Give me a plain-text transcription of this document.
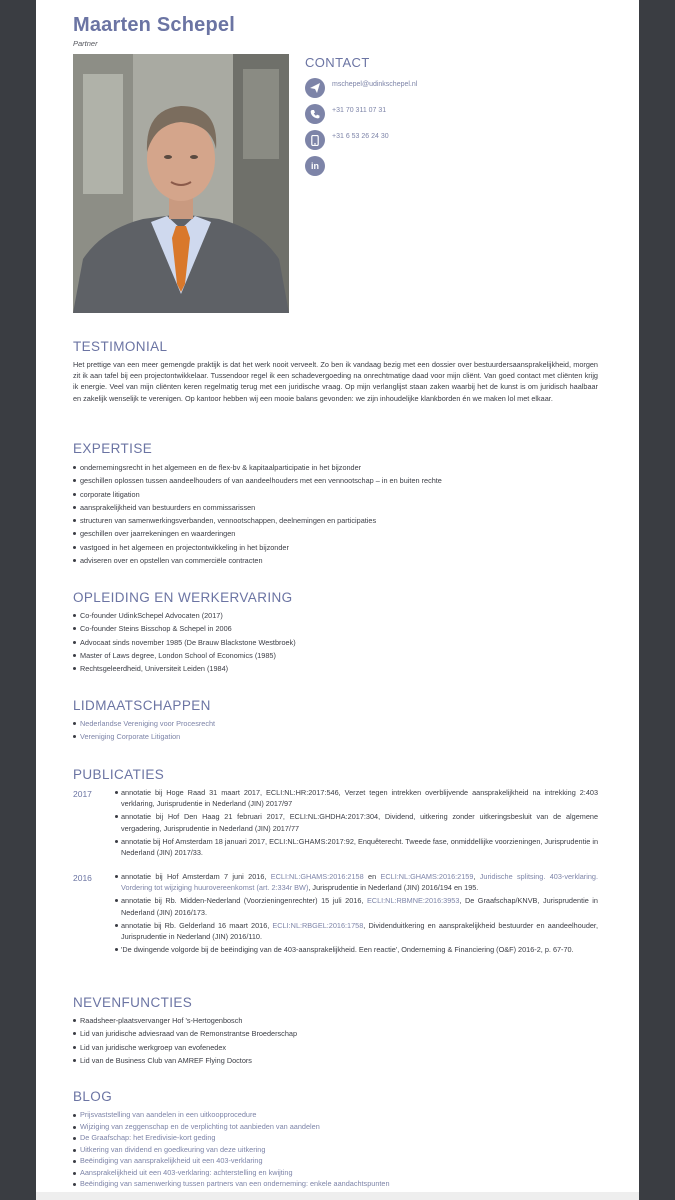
Maarten Schepel
Partner
CONTACT
mschepel@udinkschepel.nl
+31 70 311 07 31
+31 6 53 26 24 30
in
TESTIMONIAL

Het prettige van een meer gemengde praktijk is dat het werk nooit verveelt. Zo ben ik vandaag bezig met een dossier over bestuurdersaansprakelijkheid, morgen zit ik aan tafel bij een projectontwikkelaar. Tussendoor regel ik een schadevergoeding na onrechtmatige daad voor mijn cliënt. Van goed contact met cliënten krijg ik energie. Veel van mijn cliënten keren regelmatig terug met een juridische vraag. Op mijn verlanglijst staan zaken waarbij het de kunst is om juridisch haalbaar en zakelijk wenselijk te verenigen. Op kantoor hebben wij een mooie balans gevonden: we zijn inhoudelijke klankborden én we maken lol met elkaar.

EXPERTISE
ondernemingsrecht in het algemeen en de flex-bv & kapitaalparticipatie in het bijzonder
geschillen oplossen tussen aandeelhouders of van aandeelhouders met een vennootschap – in en buiten rechte
corporate litigation
aansprakelijkheid van bestuurders en commissarissen
structuren van samenwerkingsverbanden, vennootschappen, deelnemingen en participaties
geschillen over jaarrekeningen en waarderingen
vastgoed in het algemeen en projectontwikkeling in het bijzonder
adviseren over en opstellen van commerciële contracten
OPLEIDING EN WERKERVARING
Co-founder UdinkSchepel Advocaten (2017)
Co-founder Steins Bisschop & Schepel in 2006
Advocaat sinds november 1985 (De Brauw Blackstone Westbroek)
Master of Laws degree, London School of Economics (1985)
Rechtsgeleerdheid, Universiteit Leiden (1984)
LIDMAATSCHAPPEN
Nederlandse Vereniging voor Procesrecht
Vereniging Corporate Litigation
PUBLICATIES
2017	annotatie bij Hoge Raad 31 maart 2017, ECLI:NL:HR:2017:546, Verzet tegen intrekken overblijvende aansprakelijkheid na intrekking 2:403 verklaring, Jurisprudentie in Nederland (JIN) 2017/97
annotatie bij Hof Den Haag 21 februari 2017, ECLI:NL:GHDHA:2017:304, Dividend, uitkering zonder uitkeringsbesluit van de algemene vergadering, Jurisprudentie in Nederland (JIN) 2017/77
annotatie bij Hof Amsterdam 18 januari 2017, ECLI:NL:GHAMS:2017:92, Enquêterecht. Tweede fase, onmiddellijke voorzieningen, Jurisprudentie in Nederland (JIN) 2017/33.
2016	annotatie bij Hof Amsterdam 7 juni 2016, ECLI:NL:GHAMS:2016:2158 en ECLI:NL:GHAMS:2016:2159, Juridische splitsing. 403-verklaring. Vordering tot wijziging huurovereenkomst (art. 2:334r BW), Jurisprudentie in Nederland (JIN) 2016/194 en 195.
annotatie bij Rb. Midden-Nederland (Voorzieningenrechter) 15 juli 2016, ECLI:NL:RBMNE:2016:3953, De Graafschap/KNVB, Jurisprudentie in Nederland (JIN) 2016/173.
annotatie bij Rb. Gelderland 16 maart 2016, ECLI:NL:RBGEL:2016:1758, Dividenduitkering en aansprakelijkheid bestuurder en aandeelhouder, Jurisprudentie in Nederland (JIN) 2016/110.
'De dwingende volgorde bij de beëindiging van de 403-aansprakelijkheid. Een reactie', Onderneming & Financiering (O&F) 2016-2, p. 67-70.
NEVENFUNCTIES
Raadsheer-plaatsvervanger Hof 's-Hertogenbosch
Lid van juridische adviesraad van de Remonstrantse Broederschap
Lid van juridische werkgroep van evofenedex
Lid van de Business Club van AMREF Flying Doctors
BLOG
Prijsvaststelling van aandelen in een uitkoopprocedure
Wijziging van zeggenschap en de verplichting tot aanbieden van aandelen
De Graafschap: het Eredivisie-kort geding
Uitkering van dividend en goedkeuring van deze uitkering
Beëindiging van aansprakelijkheid uit een 403-verklaring
Aansprakelijkheid uit een 403-verklaring: achterstelling en kwijting
Beëindiging van samenwerking tussen partners van een onderneming: enkele aandachtspunten
